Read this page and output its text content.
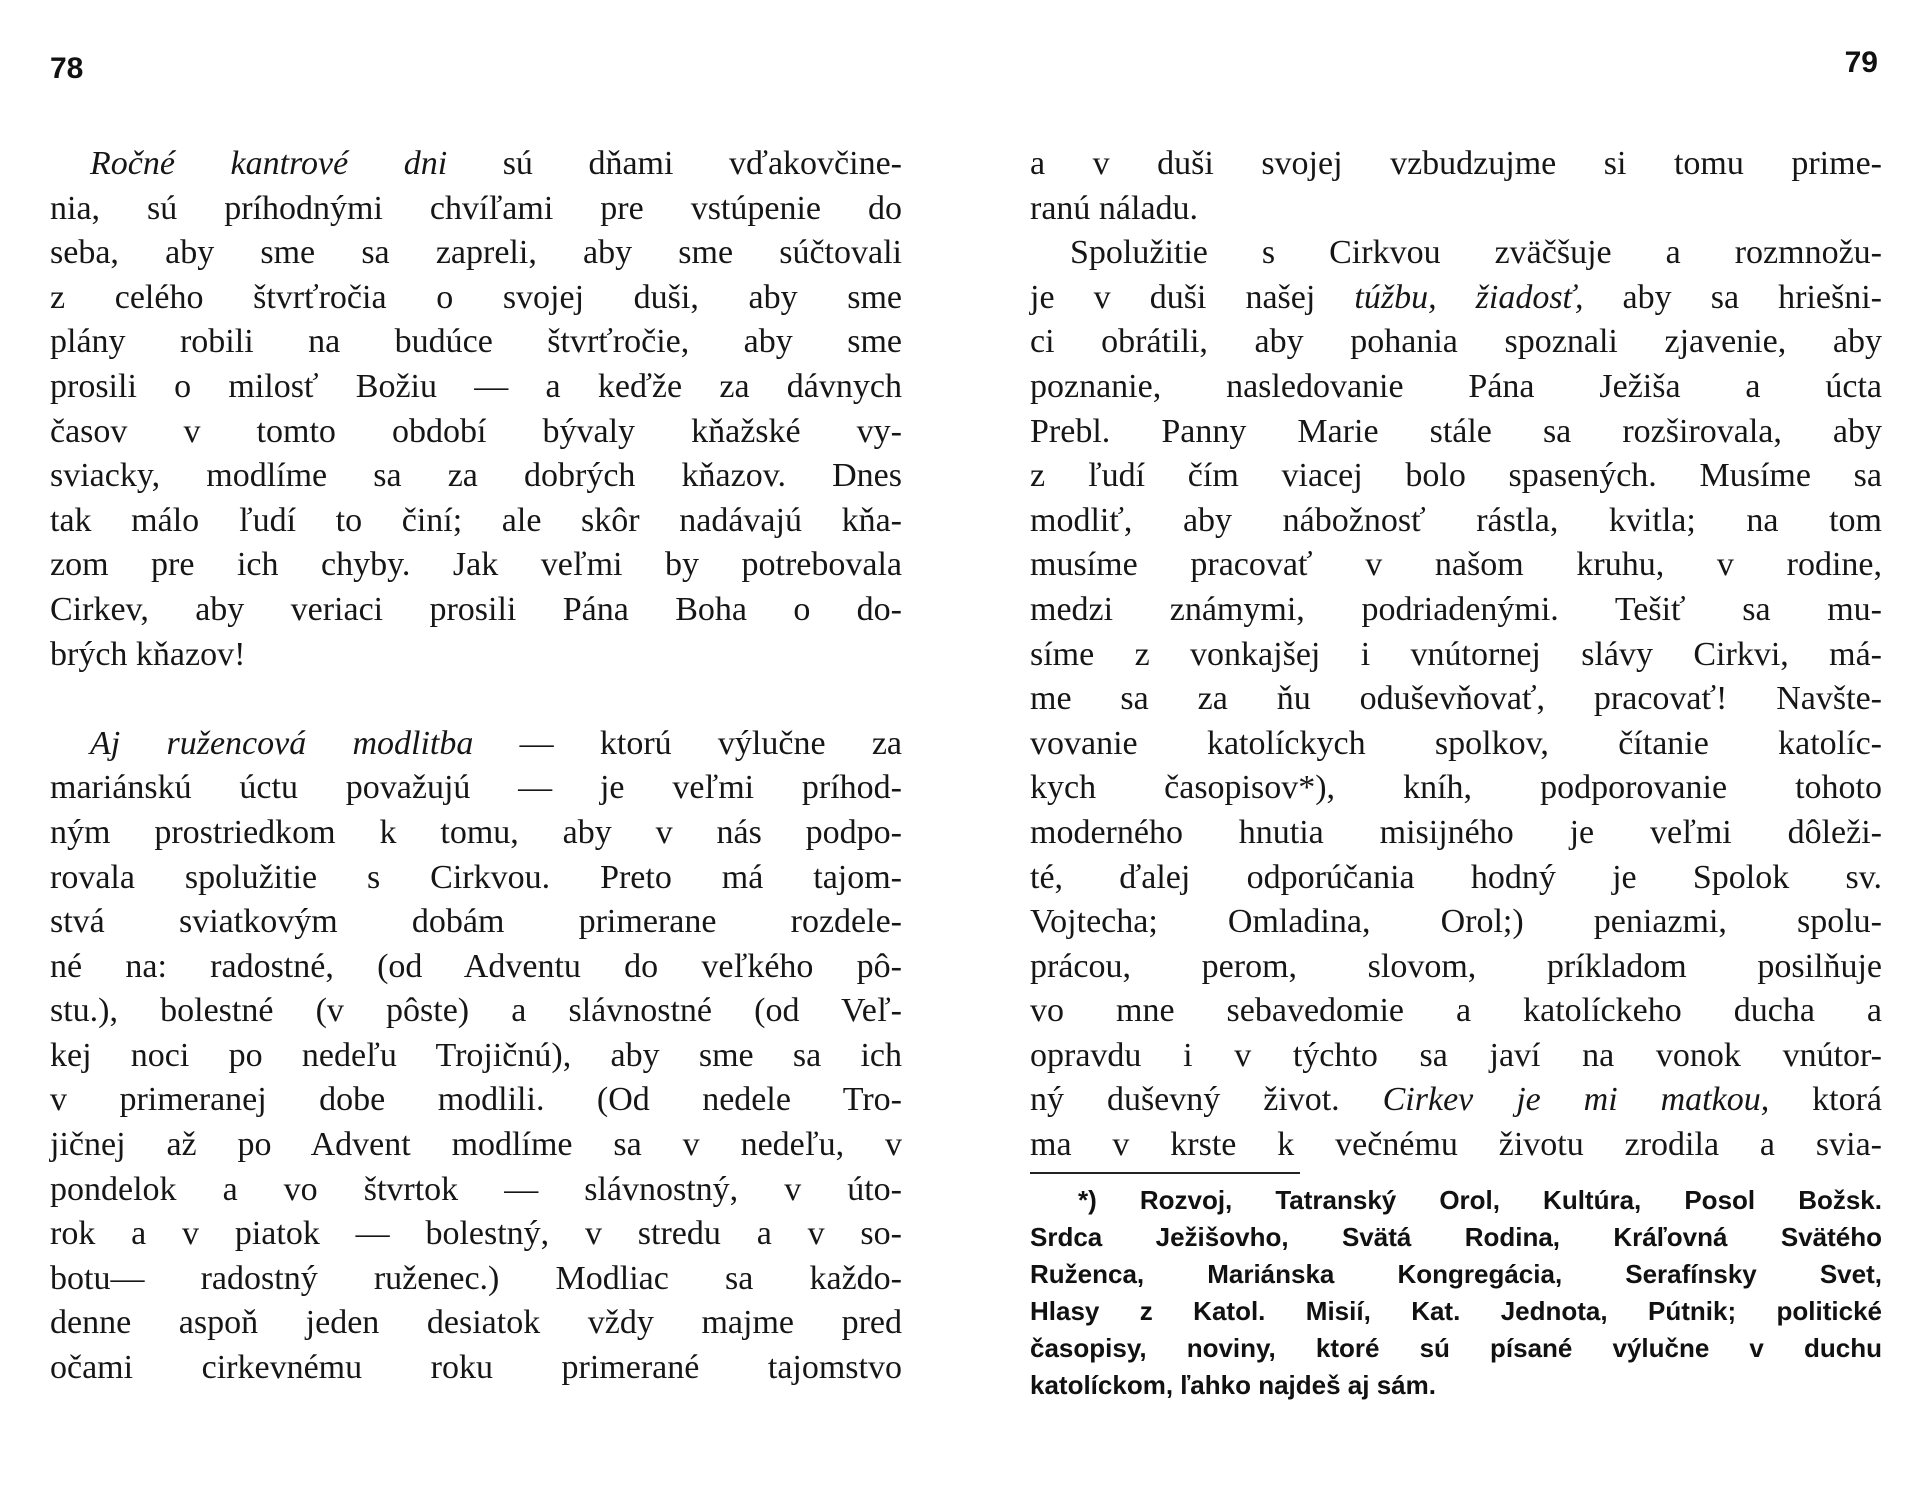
78	79
Ročné kantrové dni sú dňami vďakovčine-
nia, sú príhodnými chvíľami pre vstúpenie do
seba, aby sme sa zapreli, aby sme súčtovali
z celého štvrťročia o svojej duši, aby sme
plány robili na budúce štvrťročie, aby sme
prosili o milosť Božiu — a keďže za dávnych
časov v tomto období bývaly kňažské vy-
sviacky, modlíme sa za dobrých kňazov. Dnes
tak málo ľudí to činí; ale skôr nadávajú kňa-
zom pre ich chyby. Jak veľmi by potrebovala
Cirkev, aby veriaci prosili Pána Boha o do-
brých kňazov!
Aj ružencová modlitba — ktorú výlučne za
mariánskú úctu považujú — je veľmi príhod-
ným prostriedkom k tomu, aby v nás podpo-
rovala spolužitie s Cirkvou. Preto má tajom-
stvá sviatkovým dobám primerane rozdele-
né na: radostné, (od Adventu do veľkého pô-
stu.), bolestné (v pôste) a slávnostné (od Veľ-
kej noci po nedeľu Trojičnú), aby sme sa ich
v primeranej dobe modlili. (Od nedele Tro-
jičnej až po Advent modlíme sa v nedeľu, v
pondelok a vo štvrtok — slávnostný, v úto-
rok a v piatok — bolestný, v stredu a v so-
botu— radostný ruženec.) Modliac sa každo-
denne aspoň jeden desiatok vždy majme pred
očami cirkevnému roku primerané tajomstvo
a v duši svojej vzbudzujme si tomu prime-
ranú náladu.
Spolužitie s Cirkvou zväčšuje a rozmnožu-
je v duši našej túžbu, žiadosť, aby sa hriešni-
ci obrátili, aby pohania spoznali zjavenie, aby
poznanie, nasledovanie Pána Ježiša a úcta
Prebl. Panny Marie stále sa rozširovala, aby
z ľudí čím viacej bolo spasených. Musíme sa
modliť, aby nábožnosť rástla, kvitla; na tom
musíme pracovať v našom kruhu, v rodine,
medzi známymi, podriadenými. Tešiť sa mu-
síme z vonkajšej i vnútornej slávy Cirkvi, má-
me sa za ňu oduševňovať, pracovať! Navšte-
vovanie katolíckych spolkov, čítanie katolíc-
kych časopisov*), kníh, podporovanie tohoto
moderného hnutia misijného je veľmi dôleži-
té, ďalej odporúčania hodný je Spolok sv.
Vojtecha; Omladina, Orol;) peniazmi, spolu-
prácou, perom, slovom, príkladom posilňuje
vo mne sebavedomie a katolíckeho ducha a
opravdu i v týchto sa javí na vonok vnútor-
ný duševný život. Cirkev je mi matkou, ktorá
ma v krste k večnému životu zrodila a svia-
*) Rozvoj, Tatranský Orol, Kultúra, Posol Božsk.
Srdca Ježišovho, Svätá Rodina, Kráľovná Svätého
Ruženca, Mariánska Kongregácia, Serafínsky Svet,
Hlasy z Katol. Misií, Kat. Jednota, Pútnik; politické
časopisy, noviny, ktoré sú písané výlučne v duchu
katolíckom, ľahko najdeš aj sám.
